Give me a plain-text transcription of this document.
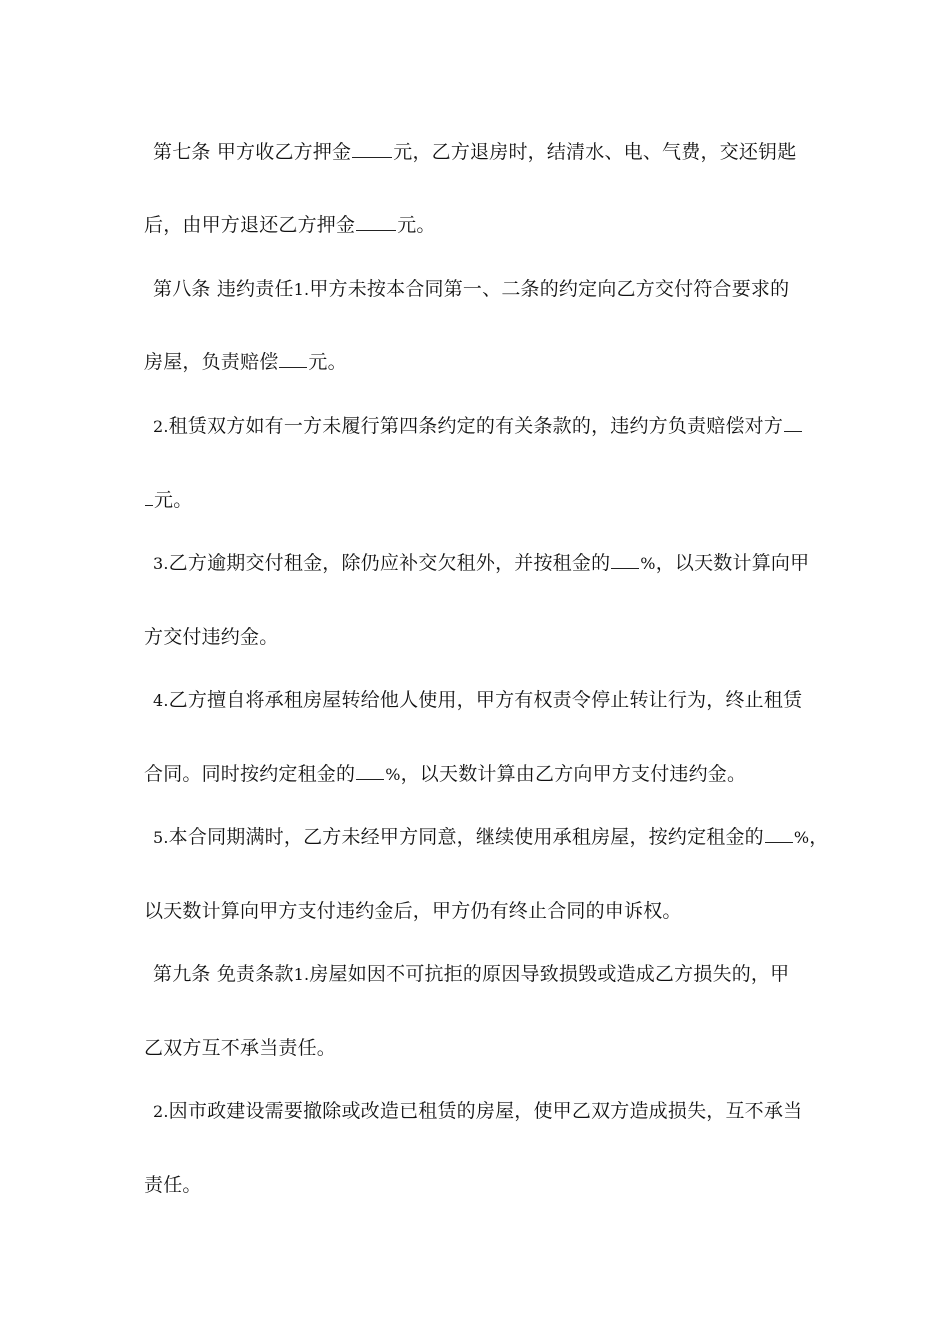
第七条 甲方收乙方押金 元，乙方退房时，结清水、电、气费，交还钥匙
后，由甲方退还乙方押金 元。
第八条 违约责任1.甲方未按本合同第一、二条的约定向乙方交付符合要求的
房屋，负责赔偿 元。
2.租赁双方如有一方未履行第四条约定的有关条款的，违约方负责赔偿对方
元。
3.乙方逾期交付租金，除仍应补交欠租外，并按租金的 %，以天数计算向甲
方交付违约金。
4.乙方擅自将承租房屋转给他人使用，甲方有权责令停止转让行为，终止租赁
合同。同时按约定租金的 %，以天数计算由乙方向甲方支付违约金。
5.本合同期满时，乙方未经甲方同意，继续使用承租房屋，按约定租金的 %，
以天数计算向甲方支付违约金后，甲方仍有终止合同的申诉权。
第九条 免责条款1.房屋如因不可抗拒的原因导致损毁或造成乙方损失的，甲
乙双方互不承当责任。
2.因市政建设需要撤除或改造已租赁的房屋，使甲乙双方造成损失，互不承当
责任。
